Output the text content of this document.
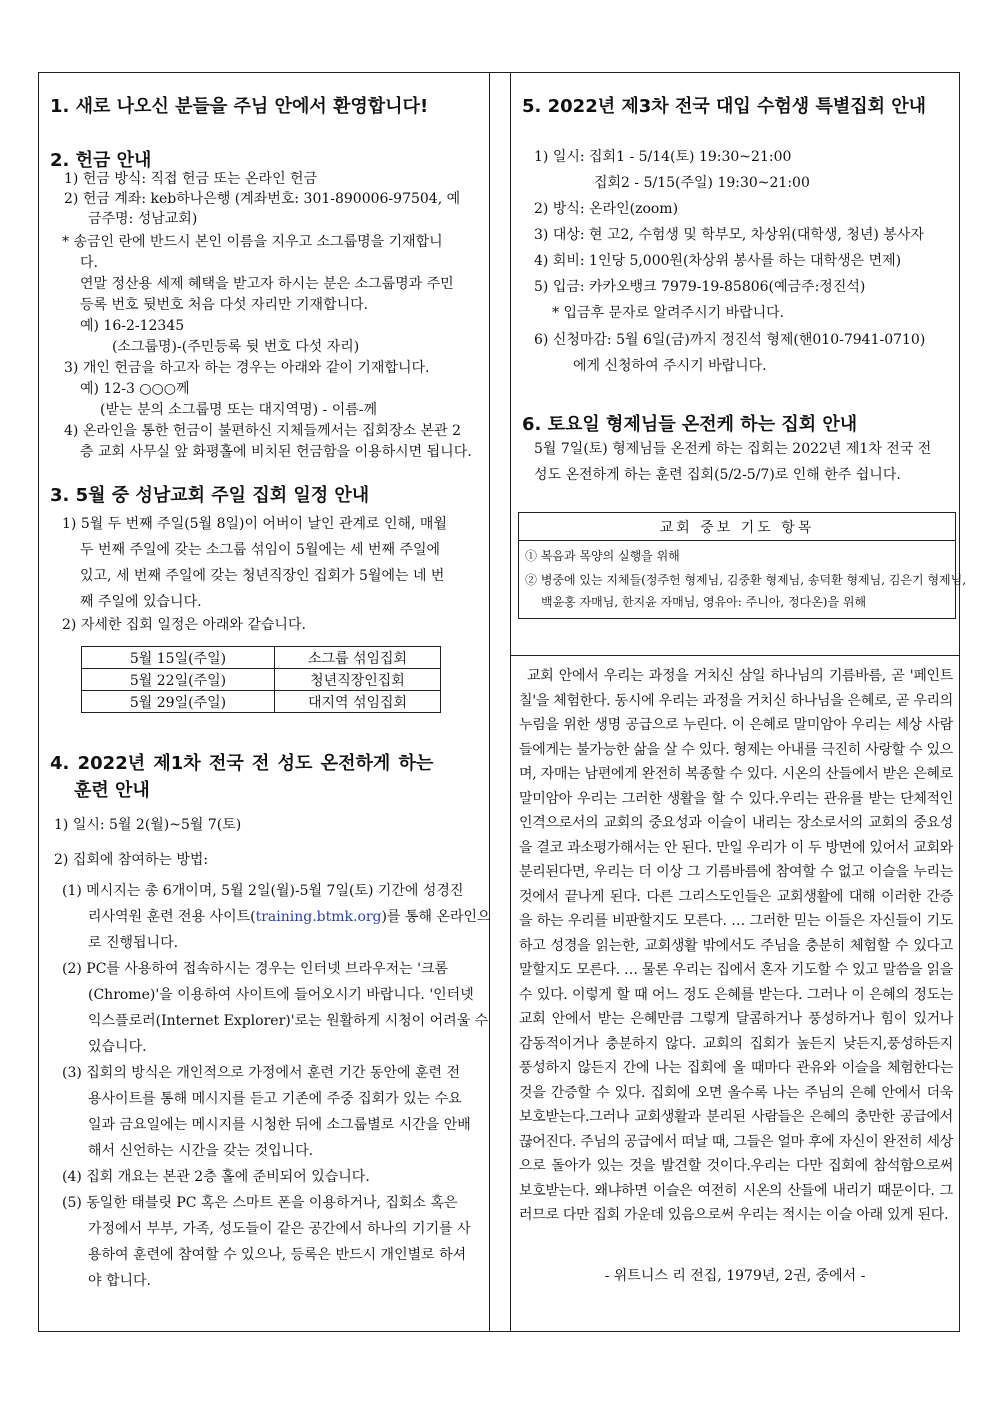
1. 새로 나오신 분들을 주님 안에서 환영합니다!
2. 헌금 안내
1) 헌금 방식: 직접 헌금 또는 온라인 헌금
2) 헌금 계좌: keb하나은행 (계좌번호: 301-890006-97504, 예
금주명: 성남교회)
* 송금인 란에 반드시 본인 이름을 지우고 소그룹명을 기재합니
다.
연말 정산용 세제 혜택을 받고자 하시는 분은 소그룹명과 주민
등록 번호 뒷번호 처음 다섯 자리만 기재합니다.
예) 16-2-12345
(소그룹명)-(주민등록 뒷 번호 다섯 자리)
3) 개인 헌금을 하고자 하는 경우는 아래와 같이 기재합니다.
예) 12-3 ○○○께
(받는 분의 소그룹명 또는 대지역명) - 이름-께
4) 온라인을 통한 헌금이 불편하신 지체들께서는 집회장소 본관 2
층 교회 사무실 앞 화평홀에 비치된 헌금함을 이용하시면 됩니다.
3. 5월 중 성남교회 주일 집회 일정 안내
1) 5월 두 번째 주일(5월 8일)이 어버이 날인 관계로 인해, 매월
두 번째 주일에 갖는 소그룹 섞임이 5월에는 세 번째 주일에
있고, 세 번째 주일에 갖는 청년직장인 집회가 5월에는 네 번
째 주일에 있습니다.
2) 자세한 집회 일정은 아래와 같습니다.
5월 15일(주일)	소그룹 섞임집회
5월 22일(주일)	청년직장인집회
5월 29일(주일)	대지역 섞임집회
4. 2022년 제1차 전국 전 성도 온전하게 하는
훈련 안내
1) 일시: 5월 2(월)~5월 7(토)
2) 집회에 참여하는 방법:
(1) 메시지는 총 6개이며, 5월 2일(월)-5월 7일(토) 기간에 성경진
리사역원 훈련 전용 사이트(training.btmk.org)를 통해 온라인으
로 진행됩니다.
(2) PC를 사용하여 접속하시는 경우는 인터넷 브라우저는 '크롬
(Chrome)'을 이용하여 사이트에 들어오시기 바랍니다. '인터넷
익스플로러(Internet Explorer)'로는 원활하게 시청이 어려울 수
있습니다.
(3) 집회의 방식은 개인적으로 가정에서 훈련 기간 동안에 훈련 전
용사이트를 통해 메시지를 듣고 기존에 주중 집회가 있는 수요
일과 금요일에는 메시지를 시청한 뒤에 소그룹별로 시간을 안배
해서 신언하는 시간을 갖는 것입니다.
(4) 집회 개요는 본관 2층 홀에 준비되어 있습니다.
(5) 동일한 태블릿 PC 혹은 스마트 폰을 이용하거나, 집회소 혹은
가정에서 부부, 가족, 성도들이 같은 공간에서 하나의 기기를 사
용하여 훈련에 참여할 수 있으나, 등록은 반드시 개인별로 하셔
야 합니다.
5. 2022년 제3차 전국 대입 수험생 특별집회 안내
1) 일시: 집회1 - 5/14(토) 19:30~21:00
집회2 - 5/15(주일) 19:30~21:00
2) 방식: 온라인(zoom)
3) 대상: 현 고2, 수험생 및 학부모, 차상위(대학생, 청년) 봉사자
4) 회비: 1인당 5,000원(차상위 봉사를 하는 대학생은 면제)
5) 입금: 카카오뱅크 7979-19-85806(예금주:정진석)
* 입금후 문자로 알려주시기 바랍니다.
6) 신청마감: 5월 6일(금)까지 정진석 형제(핸010-7941-0710)
에게 신청하여 주시기 바랍니다.
6. 토요일 형제님들 온전케 하는 집회 안내
5월 7일(토) 형제님들 온전케 하는 집회는 2022년 제1차 전국 전
성도 온전하게 하는 훈련 집회(5/2-5/7)로 인해 한주 쉽니다.
교회 중보 기도 항목
① 복음과 목양의 실행을 위해
② 병중에 있는 지체들(정주헌 형제님, 김중환 형제님, 송덕환 형제님, 김은기 형제님,
백윤홍 자매님, 한지윤 자매님, 영유아: 주니아, 정다온)을 위해
교회 안에서 우리는 과정을 거치신 삼일 하나님의 기름바름, 곧 '페인트칠'을 체험한다. 동시에 우리는 과정을 거치신 하나님을 은혜로, 곧 우리의 누림을 위한 생명 공급으로 누린다. 이 은혜로 말미암아 우리는 세상 사람들에게는 불가능한 삶을 살 수 있다. 형제는 아내를 극진히 사랑할 수 있으며, 자매는 남편에게 완전히 복종할 수 있다. 시온의 산들에서 받은 은혜로 말미암아 우리는 그러한 생활을 할 수 있다.우리는 관유를 받는 단체적인 인격으로서의 교회의 중요성과 이슬이 내리는 장소로서의 교회의 중요성을 결코 과소평가해서는 안 된다. 만일 우리가 이 두 방면에 있어서 교회와 분리된다면, 우리는 더 이상 그 기름바름에 참여할 수 없고 이슬을 누리는 것에서 끝나게 된다. 다른 그리스도인들은 교회생활에 대해 이러한 간증을 하는 우리를 비판할지도 모른다. … 그러한 믿는 이들은 자신들이 기도하고 성경을 읽는한, 교회생활 밖에서도 주님을 충분히 체험할 수 있다고 말할지도 모른다. … 물론 우리는 집에서 혼자 기도할 수 있고 말씀을 읽을 수 있다. 이렇게 할 때 어느 정도 은혜를 받는다. 그러나 이 은혜의 정도는 교회 안에서 받는 은혜만큼 그렇게 달콤하거나 풍성하거나 힘이 있거나 감동적이거나 충분하지 않다. 교회의 집회가 높든지 낮든지,풍성하든지 풍성하지 않든지 간에 나는 집회에 올 때마다 관유와 이슬을 체험한다는것을 간증할 수 있다. 집회에 오면 올수록 나는 주님의 은혜 안에서 더욱 보호받는다.그러나 교회생활과 분리된 사람들은 은혜의 충만한 공급에서 끊어진다. 주님의 공급에서 떠날 때, 그들은 얼마 후에 자신이 완전히 세상으로 돌아가 있는 것을 발견할 것이다.우리는 다만 집회에 참석함으로써 보호받는다. 왜냐하면 이슬은 여전히 시온의 산들에 내리기 때문이다. 그러므로 다만 집회 가운데 있음으로써 우리는 적시는 이슬 아래 있게 된다.
- 위트니스 리 전집, 1979년, 2권, 중에서 -
